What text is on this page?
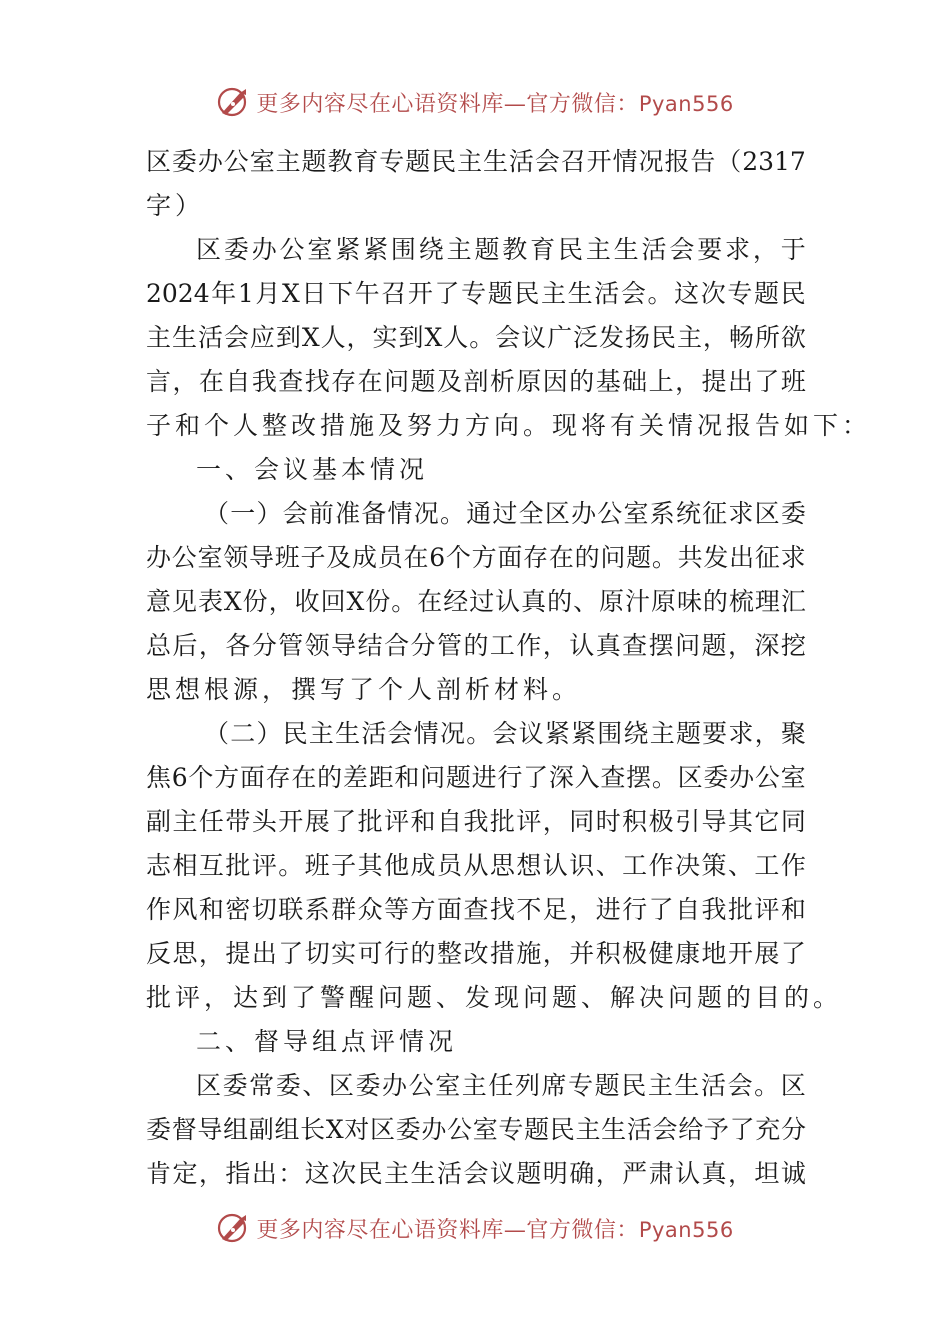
更多内容尽在心语资料库—官方微信：Pyan556
区 委 办 公 室 主 题 教 育 专 题 民 主 生 活 会 召 开 情 况 报 告 （ 2317
字）
区 委 办 公 室 紧 紧 围 绕 主 题 教 育 民 主 生 活 会 要 求 ， 于
2024 年 1 月 X 日 下 午 召 开 了 专 题 民 主 生 活 会 。 这 次 专 题 民
主 生 活 会 应 到 X 人 ， 实 到 X 人 。 会 议 广 泛 发 扬 民 主 ， 畅 所 欲
言 ， 在 自 我 查 找 存 在 问 题 及 剖 析 原 因 的 基 础 上 ， 提 出 了 班
子和个人整改措施及努力方向。现将有关情况报告如下：
一、会议基本情况
（ 一 ） 会 前 准 备 情 况 。 通 过 全 区 办 公 室 系 统 征 求 区 委
办 公 室 领 导 班 子 及 成 员 在 6 个 方 面 存 在 的 问 题 。 共 发 出 征 求
意 见 表 X 份 ， 收 回 X 份 。 在 经 过 认 真 的 、 原 汁 原 味 的 梳 理 汇
总 后 ， 各 分 管 领 导 结 合 分 管 的 工 作 ， 认 真 查 摆 问 题 ， 深 挖
思想根源，撰写了个人剖析材料。
（ 二 ） 民 主 生 活 会 情 况 。 会 议 紧 紧 围 绕 主 题 要 求 ， 聚
焦 6 个 方 面 存 在 的 差 距 和 问 题 进 行 了 深 入 查 摆 。 区 委 办 公 室
副 主 任 带 头 开 展 了 批 评 和 自 我 批 评 ， 同 时 积 极 引 导 其 它 同
志 相 互 批 评 。 班 子 其 他 成 员 从 思 想 认 识 、 工 作 决 策 、 工 作
作 风 和 密 切 联 系 群 众 等 方 面 查 找 不 足 ， 进 行 了 自 我 批 评 和
反 思 ， 提 出 了 切 实 可 行 的 整 改 措 施 ， 并 积 极 健 康 地 开 展 了
批评，达到了警醒问题、发现问题、解决问题的目的。
二、督导组点评情况
区 委 常 委 、 区 委 办 公 室 主 任 列 席 专 题 民 主 生 活 会 。 区
委 督 导 组 副 组 长 X 对 区 委 办 公 室 专 题 民 主 生 活 会 给 予 了 充 分
肯 定 ， 指 出 ： 这 次 民 主 生 活 会 议 题 明 确 ， 严 肃 认 真 ， 坦 诚
更多内容尽在心语资料库—官方微信：Pyan556
